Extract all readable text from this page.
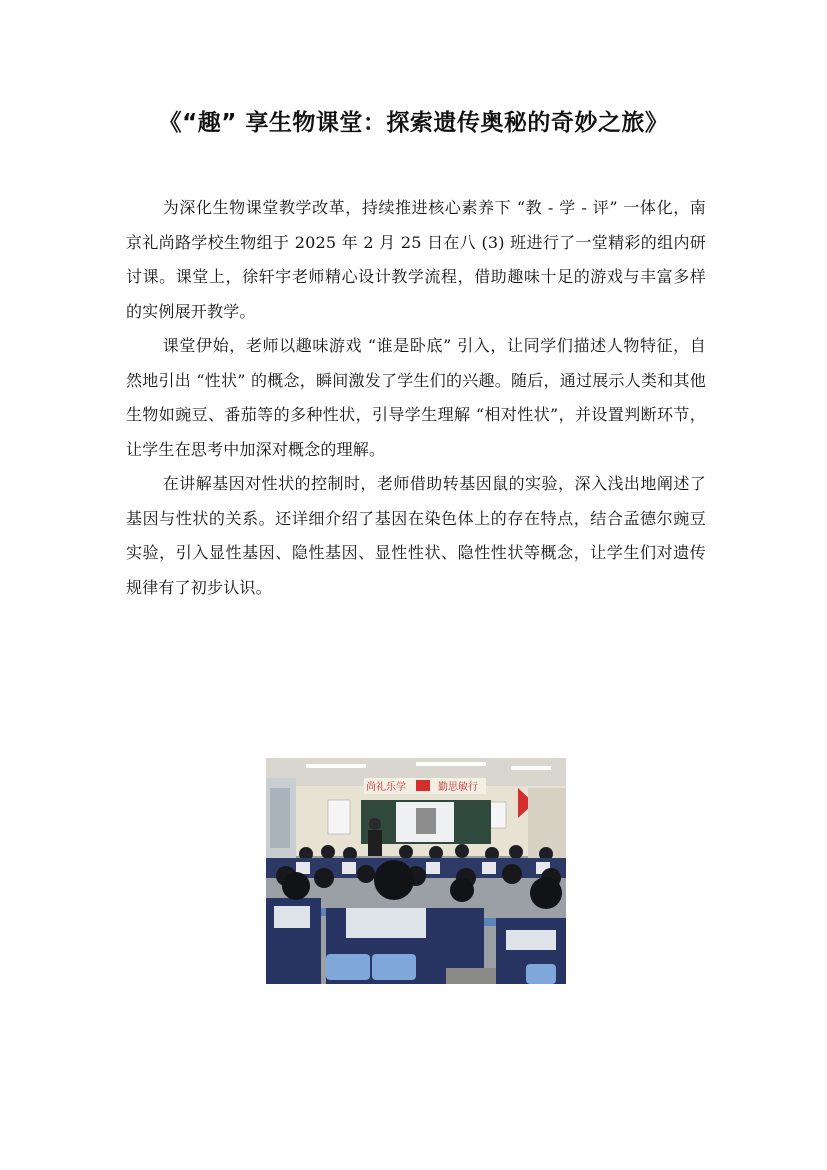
《“趣” 享生物课堂：探索遗传奥秘的奇妙之旅》

为深化生物课堂教学改革，持续推进核心素养下 “教 - 学 - 评” 一体化，南京礼尚路学校生物组于 2025 年 2 月 25 日在八 (3) 班进行了一堂精彩的组内研讨课。课堂上，徐轩宇老师精心设计教学流程，借助趣味十足的游戏与丰富多样的实例展开教学。

课堂伊始，老师以趣味游戏 “谁是卧底” 引入，让同学们描述人物特征，自然地引出 “性状” 的概念，瞬间激发了学生们的兴趣。随后，通过展示人类和其他生物如豌豆、番茄等的多种性状，引导学生理解 “相对性状”，并设置判断环节，让学生在思考中加深对概念的理解。

在讲解基因对性状的控制时，老师借助转基因鼠的实验，深入浅出地阐述了基因与性状的关系。还详细介绍了基因在染色体上的存在特点，结合孟德尔豌豆实验，引入显性基因、隐性基因、显性性状、隐性性状等概念，让学生们对遗传规律有了初步认识。

尚礼乐学	勤思敏行
